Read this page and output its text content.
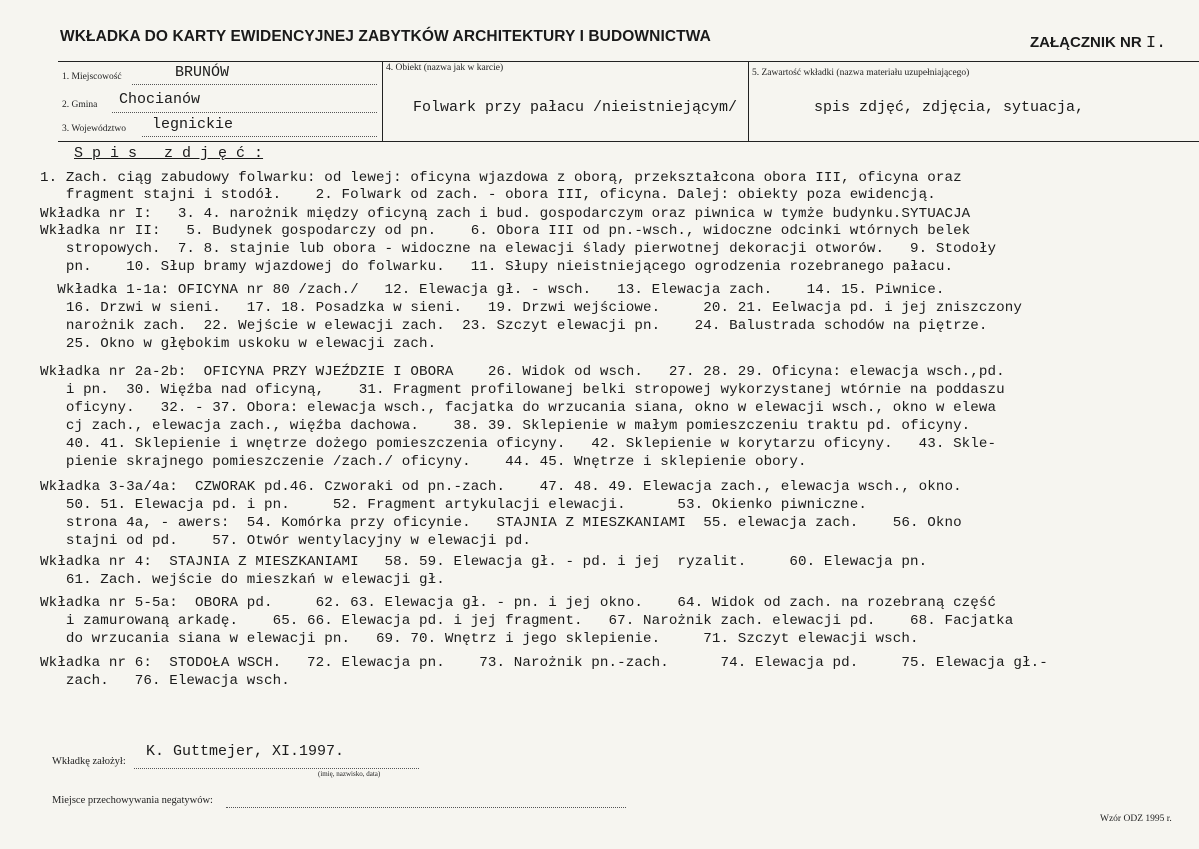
WKŁADKA DO KARTY EWIDENCYJNEJ ZABYTKÓW ARCHITEKTURY I BUDOWNICTWA	ZAŁĄCZNIK NR I.
1. Miejscowość	BRUNÓW
2. Gmina Chocianów
3. Województwo legnickie
4. Obiekt (nazwa jak w karcie)
Folwark przy pałacu /nieistniejącym/
5. Zawartość wkładki (nazwa materiału uzupełniającego)
spis zdjęć, zdjęcia, sytuacja,
S p i s   z d j ę ć :
1. Zach. ciąg zabudowy folwarku: od lewej: oficyna wjazdowa z oborą, przekształcona obora III, oficyna oraz
fragment stajni i stodół.    2. Folwark od zach. - obora III, oficyna. Dalej: obiekty poza ewidencją.
Wkładka nr I:   3. 4. narożnik między oficyną zach i bud. gospodarczym oraz piwnica w tymże budynku.SYTUACJA
Wkładka nr II:   5. Budynek gospodarczy od pn.    6. Obora III od pn.-wsch., widoczne odcinki wtórnych belek
stropowych.  7. 8. stajnie lub obora - widoczne na elewacji ślady pierwotnej dekoracji otworów.   9. Stodoły
pn.    10. Słup bramy wjazdowej do folwarku.   11. Słupy nieistniejącego ogrodzenia rozebranego pałacu.
Wkładka 1-1a: OFICYNA nr 80 /zach./   12. Elewacja gł. - wsch.   13. Elewacja zach.    14. 15. Piwnice.
16. Drzwi w sieni.   17. 18. Posadzka w sieni.   19. Drzwi wejściowe.     20. 21. Eelwacja pd. i jej zniszczony
narożnik zach.  22. Wejście w elewacji zach.  23. Szczyt elewacji pn.    24. Balustrada schodów na piętrze.
25. Okno w głębokim uskoku w elewacji zach.
Wkładka nr 2a-2b:  OFICYNA PRZY WJEŹDZIE I OBORA    26. Widok od wsch.   27. 28. 29. Oficyna: elewacja wsch.,pd.
i pn.  30. Więźba nad oficyną,    31. Fragment profilowanej belki stropowej wykorzystanej wtórnie na poddaszu
oficyny.   32. - 37. Obora: elewacja wsch., facjatka do wrzucania siana, okno w elewacji wsch., okno w elewa
cj zach., elewacja zach., więźba dachowa.    38. 39. Sklepienie w małym pomieszczeniu traktu pd. oficyny.
40. 41. Sklepienie i wnętrze dożego pomieszczenia oficyny.   42. Sklepienie w korytarzu oficyny.   43. Skle-
pienie skrajnego pomieszczenie /zach./ oficyny.    44. 45. Wnętrze i sklepienie obory.
Wkładka 3-3a/4a:  CZWORAK pd.46. Czworaki od pn.-zach.    47. 48. 49. Elewacja zach., elewacja wsch., okno.
50. 51. Elewacja pd. i pn.     52. Fragment artykulacji elewacji.      53. Okienko piwniczne.
strona 4a, - awers:  54. Komórka przy oficynie.   STAJNIA Z MIESZKANIAMI  55. elewacja zach.    56. Okno
stajni od pd.    57. Otwór wentylacyjny w elewacji pd.
Wkładka nr 4:  STAJNIA Z MIESZKANIAMI   58. 59. Elewacja gł. - pd. i jej  ryzalit.     60. Elewacja pn.
61. Zach. wejście do mieszkań w elewacji gł.
Wkładka nr 5-5a:  OBORA pd.     62. 63. Elewacja gł. - pn. i jej okno.    64. Widok od zach. na rozebraną część
i zamurowaną arkadę.    65. 66. Elewacja pd. i jej fragment.   67. Narożnik zach. elewacji pd.    68. Facjatka
do wrzucania siana w elewacji pn.   69. 70. Wnętrz i jego sklepienie.     71. Szczyt elewacji wsch.
Wkładka nr 6:  STODOŁA WSCH.   72. Elewacja pn.    73. Narożnik pn.-zach.      74. Elewacja pd.     75. Elewacja gł.-
zach.   76. Elewacja wsch.
Wkładkę założył:
K. Guttmejer, XI.1997.
(imię, nazwisko, data)
Miejsce przechowywania negatywów:
Wzór ODZ 1995 r.
